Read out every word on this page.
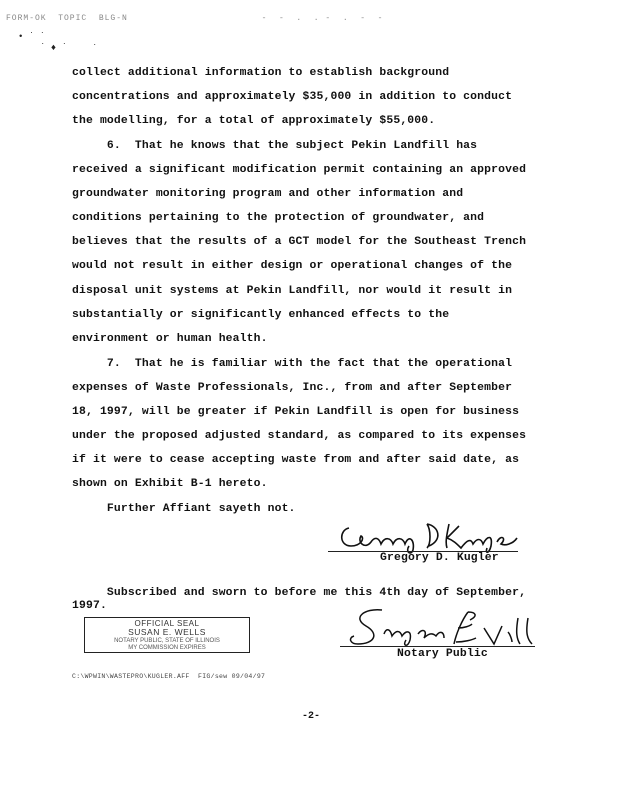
FORM-OK  TOPIC  BLG-N	-  -  .  . -  .  -  -
• ˙ ˙
˙ ♦ ˙	˙
collect additional information to establish background
concentrations and approximately $35,000 in addition to conduct
the modelling, for a total of approximately $55,000.
6.  That he knows that the subject Pekin Landfill has
received a significant modification permit containing an approved
groundwater monitoring program and other information and
conditions pertaining to the protection of groundwater, and
believes that the results of a GCT model for the Southeast Trench
would not result in either design or operational changes of the
disposal unit systems at Pekin Landfill, nor would it result in
substantially or significantly enhanced effects to the
environment or human health.
7.  That he is familiar with the fact that the operational
expenses of Waste Professionals, Inc., from and after September
18, 1997, will be greater if Pekin Landfill is open for business
under the proposed adjusted standard, as compared to its expenses
if it were to cease accepting waste from and after said date, as
shown on Exhibit B-1 hereto.
Further Affiant sayeth not.
Gregory D. Kugler
Subscribed and sworn to before me this 4th day of September,
1997.
OFFICIAL SEAL
SUSAN E. WELLS
NOTARY PUBLIC, STATE OF ILLINOIS
MY COMMISSION EXPIRES	Notary Public
C:\WPWIN\WASTEPRO\KUGLER.AFF  FIG/sew 09/04/97
-2-
